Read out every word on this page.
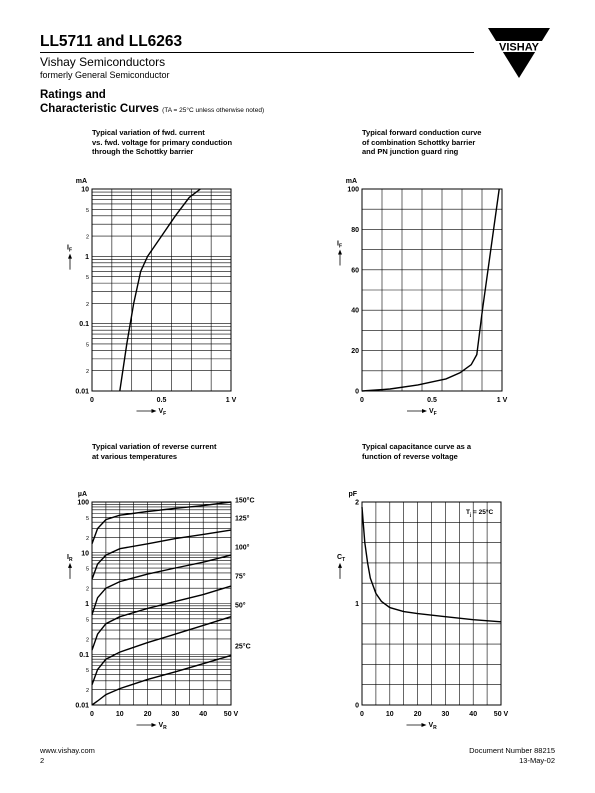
LL5711 and LL6263
Vishay Semiconductors
formerly General Semiconductor
VISHAY
Ratings and
Characteristic Curves (TA = 25°C unless otherwise noted)
Typical variation of fwd. current
vs. fwd. voltage for primary conduction
through the Schottky barrier
Typical forward conduction curve
of combination Schottky barrier
and PN junction guard ring
Typical variation of reverse current
at various temperatures
Typical capacitance curve as a
function of reverse voltage
10
5
2
1
5
2
0.1
5
2
0.01
0	0.5	1 V
mA
$I_F$
$V_F$
100
80
60
40
20
0
0	0.5	1 V
mA
$I_F$
$V_F$
100
5
2
10
5
2
1
5
2
0.1
5
2
0.01
0	10	20	30	40 50 V
µA
$I_R$
$V_R$
150°C
125°
100°
75°
50°
25°C
2
1
0
0	10	20	30	40 50 V
pF
$C_T$
$V_R$
$T_j = 25^\circ C$
www.vishay.com
2
Document Number 88215
13-May-02
